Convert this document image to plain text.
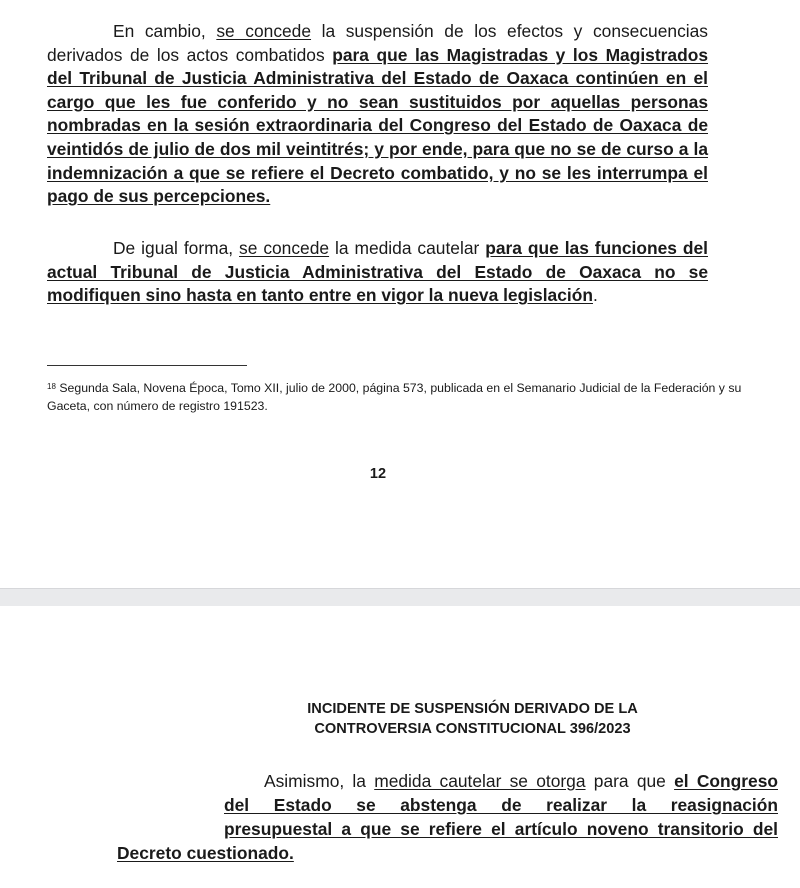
En cambio, se concede la suspensión de los efectos y consecuencias derivados de los actos combatidos para que las Magistradas y los Magistrados del Tribunal de Justicia Administrativa del Estado de Oaxaca continúen en el cargo que les fue conferido y no sean sustituidos por aquellas personas nombradas en la sesión extraordinaria del Congreso del Estado de Oaxaca de veintidós de julio de dos mil veintitrés; y por ende, para que no se de curso a la indemnización a que se refiere el Decreto combatido, y no se les interrumpa el pago de sus percepciones.

De igual forma, se concede la medida cautelar para que las funciones del actual Tribunal de Justicia Administrativa del Estado de Oaxaca no se modifiquen sino hasta en tanto entre en vigor la nueva legislación.

$^{18}$ Segunda Sala, Novena Época, Tomo XII, julio de 2000, página 573, publicada en el Semanario Judicial de la Federación y su Gaceta, con número de registro 191523.

12

INCIDENTE DE SUSPENSIÓN DERIVADO DE LA
CONTROVERSIA CONSTITUCIONAL 396/2023

Asimismo, la medida cautelar se otorga para que el Congreso
del Estado se abstenga de realizar la reasignación
presupuestal a que se refiere el artículo noveno transitorio del
Decreto cuestionado.
